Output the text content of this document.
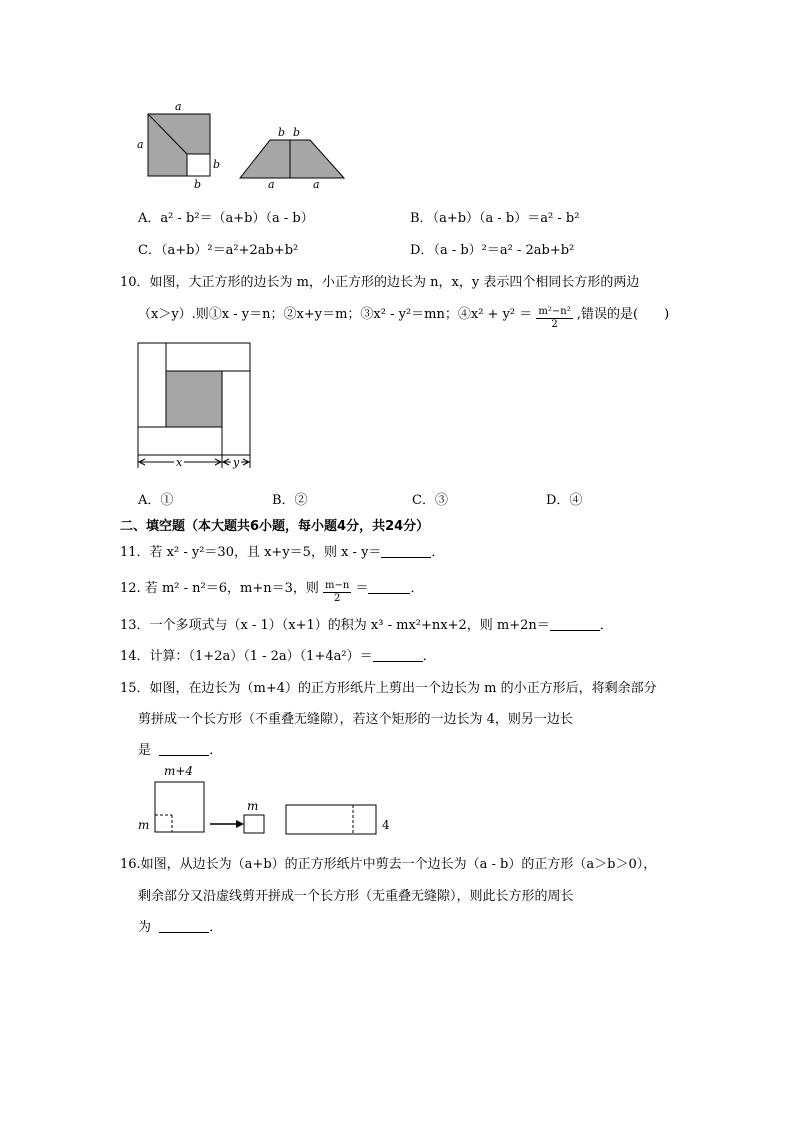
a
a
b
b
b b
a	a
A．a² - b²＝（a+b）（a - b）	B．（a+b）（a - b）＝a² - b²
C．（a+b）²＝a²+2ab+b²	D．（a - b）²＝a² - 2ab+b²
10．如图，大正方形的边长为 m，小正方形的边长为 n，x，y 表示四个相同长方形的两边
（x＞y）.则①x - y＝n；②x+y＝m；③x² - y²＝mn；④x² + $y^2 = \frac{\text{m²−n²}}{2}$ ,错误的是(　　)
x	y
A．①	B．②	C．③	D．④
二、填空题（本大题共6小题，每小题4分，共24分）
11．若 x² - y²＝30，且 x+y＝5，则 x - y＝	．
12. 若 m² - n²＝6，m+n＝3，则 $\frac{m-n}{2}$ ＝	．
13．一个多项式与（x - 1）（x+1）的积为 x³ - mx²+nx+2，则 m+2n＝	．
14．计算：（1+2a）（1 - 2a）（1+4a²）＝	．
15．如图，在边长为（m+4）的正方形纸片上剪出一个边长为 m 的小正方形后，将剩余部分
剪拼成一个长方形（不重叠无缝隙），若这个矩形的一边长为 4，则另一边长
是	．
m+4
m
m
4
16.如图，从边长为（a+b）的正方形纸片中剪去一个边长为（a - b）的正方形（a＞b＞0），
剩余部分又沿虚线剪开拼成一个长方形（无重叠无缝隙），则此长方形的周长
为	．
